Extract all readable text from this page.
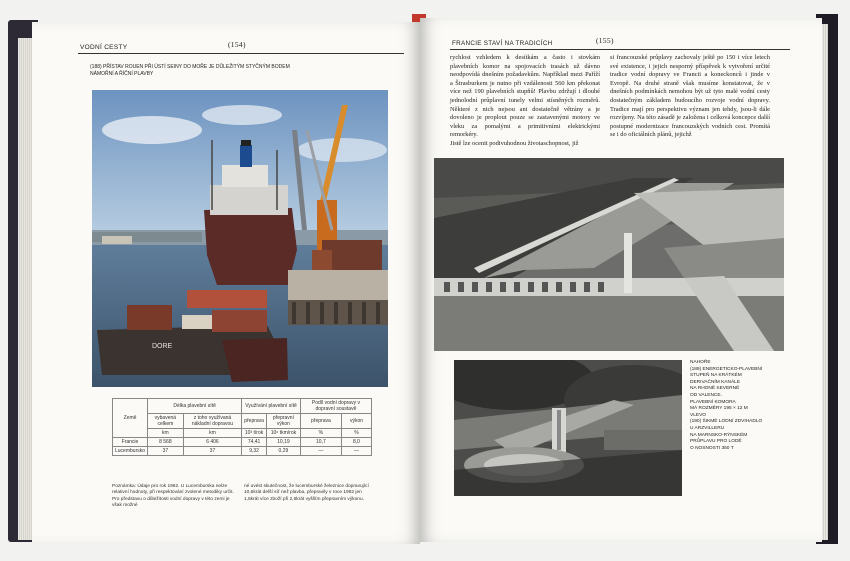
VODNÍ CESTY	(154)
(188) PŘÍSTAV ROUEN PŘI ÚSTÍ SEINY DO MOŘE JE DŮLEŽITÝM STYČNÝM BODEM NÁMOŘNÍ A ŘÍČNÍ PLAVBY
DORE
Země	Délka plavební sítě		Využívání plavební sítě		Podíl vodní dopravy v dopravní soustavě	
	vybavená celkem	z toho využívaná nákladní dopravou	přeprava	přepravní výkon	přeprava	výkon
	km	km	10³ t/rok	10⁶ tkm/rok	%	%
Francie	8 568	6 406	74,41	10,19	10,7	8,0
Lucembursko	37	37	9,32	0,29	—	—

Poznámka: Údaje pro rok 1982. U Lucemburska nelze relativní hodnoty, při respektování zvolené metodiky určit. Pro představu o důležitosti vodní dopravy v této zemi je však možné

né uvést skutečnost, že lucemburské železnice dopravující 10,6krát delší síť než plavba, přepravily v roce 1982 jen 1,5krát více zboží při 2,5krát vyšším přepravním výkonu.

FRANCIE STAVÍ NA TRADICÍCH	(155)

rychlost vzhledem k desítkám a často i stovkám plavebních komor na spojovacích trasách už dávno neodpovídá dnešním požadavkům. Například mezi Paříží a Štrasburkem je nutno při vzdálenosti 560 km překonat více než 190 plavebních stupňů! Plavbu zdržují i dlouhé jednolodní průplavní tunely velmi stísněných rozměrů. Některé z nich nejsou ani dostatečně větrány a je dovoleno je proplout pouze se zastavenými motory ve vleku za pomalými a primitivními elektrickými remorkéry.
Jistě lze ocenit podivuhodnou životaschopnost, již

si francouzské průplavy zachovaly ještě po 150 i více letech své existence, i jejich nesporný příspěvek k vytvoření určité tradice vodní dopravy ve Francii a koneckonců i jinde v Evropě. Na druhé straně však musíme konstatovat, že v dnešních podmínkách nemohou být už tyto malé vodní cesty dostatečným základem budoucího rozvoje vodní dopravy. Tradice mají pro perspektivu význam jen tehdy, jsou-li dále rozvíjeny. Na této zásadě je založena i celková koncepce další postupné modernizace francouzských vodních cest. Promítá se i do oficiálních plánů, jejichž

NAHOŘE
(189) ENERGETICKO-PLAVEBNÍ
STUPEŇ NA KRÁTKÉM
DERIVAČNÍM KANÁLE
NA RHONĚ SEVERNĚ
OD VALENCE.
PLAVEBNÍ KOMORA
MÁ ROZMĚRY 195 × 12 M
VLEVO
(190) ŠIKMÉ LODNÍ ZDVIHADLO
U ARZVILLERU
NA MARNSKO-RÝNSKÉM
PRŮPLAVU PRO LODĚ
O NOSNOSTI 350 T
